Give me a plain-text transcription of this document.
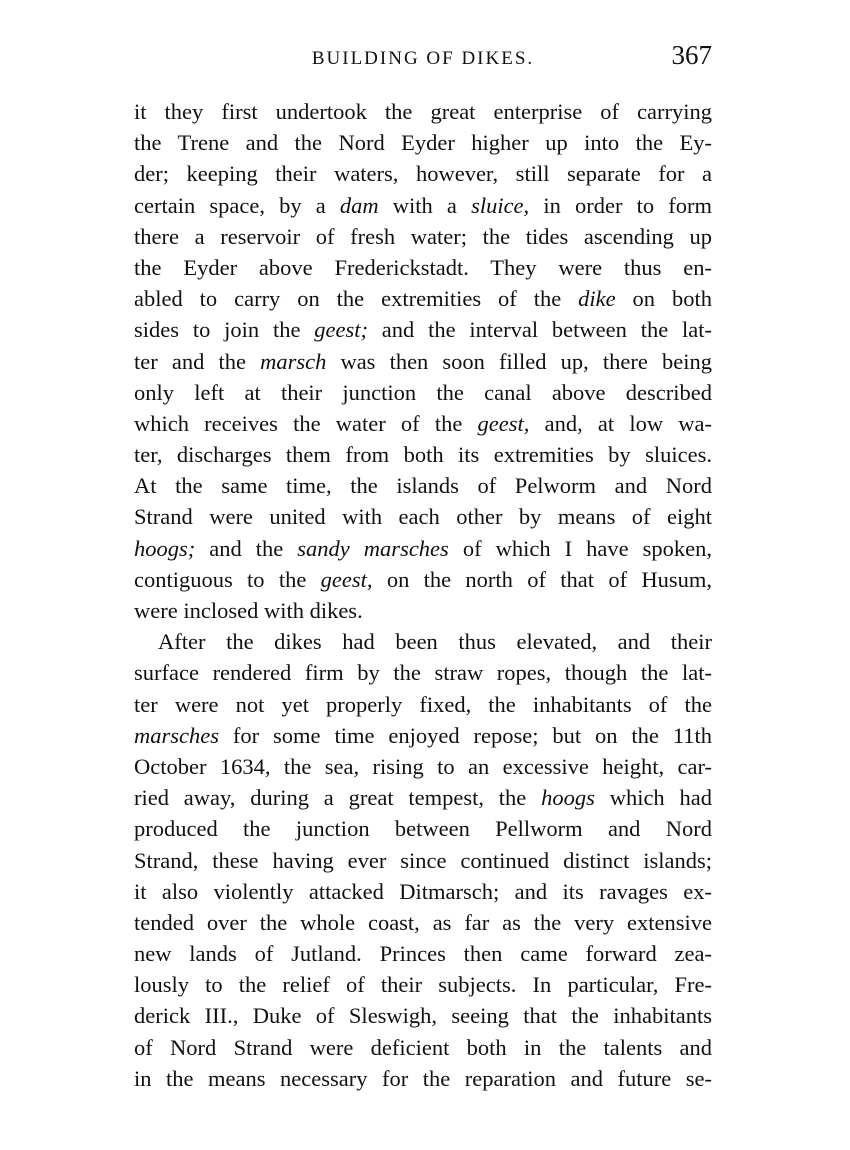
BUILDING OF DIKES.	367
it they first undertook the great enterprise of carrying
the Trene and the Nord Eyder higher up into the Ey-
der; keeping their waters, however, still separate for a
certain space, by a dam with a sluice, in order to form
there a reservoir of fresh water; the tides ascending up
the Eyder above Frederickstadt. They were thus en-
abled to carry on the extremities of the dike on both
sides to join the geest; and the interval between the lat-
ter and the marsch was then soon filled up, there being
only left at their junction the canal above described
which receives the water of the geest, and, at low wa-
ter, discharges them from both its extremities by sluices.
At the same time, the islands of Pelworm and Nord
Strand were united with each other by means of eight
hoogs; and the sandy marsches of which I have spoken,
contiguous to the geest, on the north of that of Husum,
were inclosed with dikes.
After the dikes had been thus elevated, and their
surface rendered firm by the straw ropes, though the lat-
ter were not yet properly fixed, the inhabitants of the
marsches for some time enjoyed repose; but on the 11th
October 1634, the sea, rising to an excessive height, car-
ried away, during a great tempest, the hoogs which had
produced the junction between Pellworm and Nord
Strand, these having ever since continued distinct islands;
it also violently attacked Ditmarsch; and its ravages ex-
tended over the whole coast, as far as the very extensive
new lands of Jutland. Princes then came forward zea-
lously to the relief of their subjects. In particular, Fre-
derick III., Duke of Sleswigh, seeing that the inhabitants
of Nord Strand were deficient both in the talents and
in the means necessary for the reparation and future se-
